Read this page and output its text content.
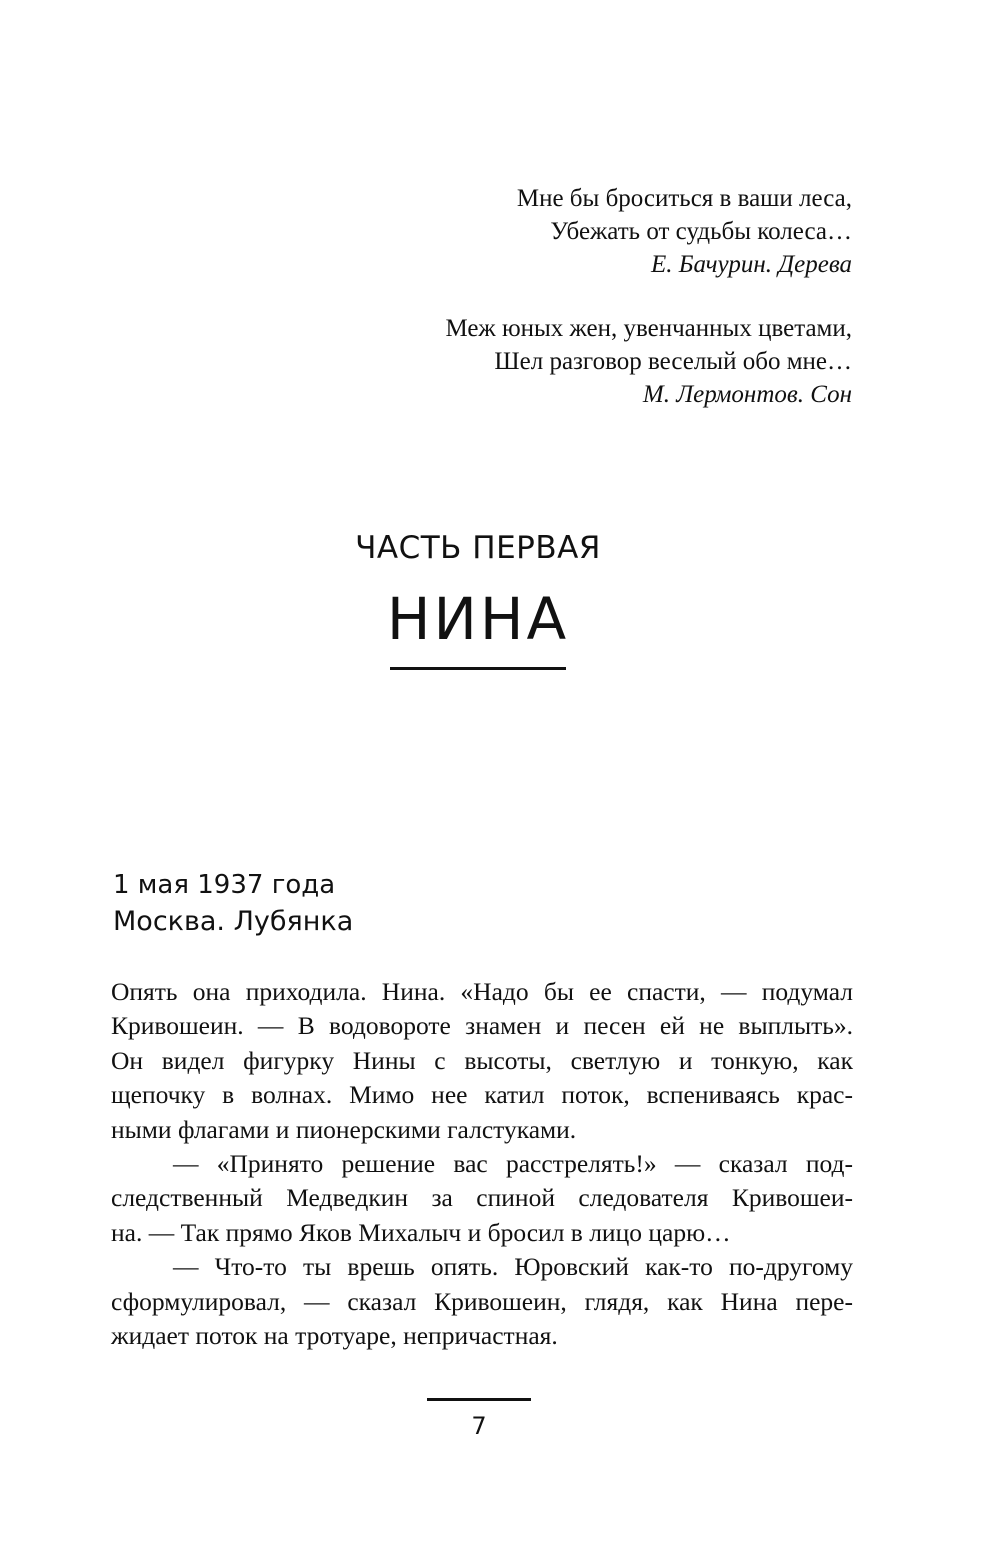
Мне бы броситься в ваши леса,
Убежать от судьбы колеса…
Е. Бачурин. Дерева
Меж юных жен, увенчанных цветами,
Шел разговор веселый обо мне…
М. Лермонтов. Сон
ЧАСТЬ ПЕРВАЯ
НИНА
1 мая 1937 года
Москва. Лубянка
Опять она приходила. Нина. «Надо бы ее спасти, — подумал
Кривошеин. — В водовороте знамен и песен ей не выплыть».
Он видел фигурку Нины с высоты, светлую и тонкую, как
щепочку в волнах. Мимо нее катил поток, вспениваясь крас-
ными флагами и пионерскими галстуками.
— «Принято решение вас расстрелять!» — сказал под-
следственный Медведкин за спиной следователя Кривошеи-
на. — Так прямо Яков Михалыч и бросил в лицо царю…
— Что-то ты врешь опять. Юровский как-то по-другому
сформулировал, — сказал Кривошеин, глядя, как Нина пере-
жидает поток на тротуаре, непричастная.
7
